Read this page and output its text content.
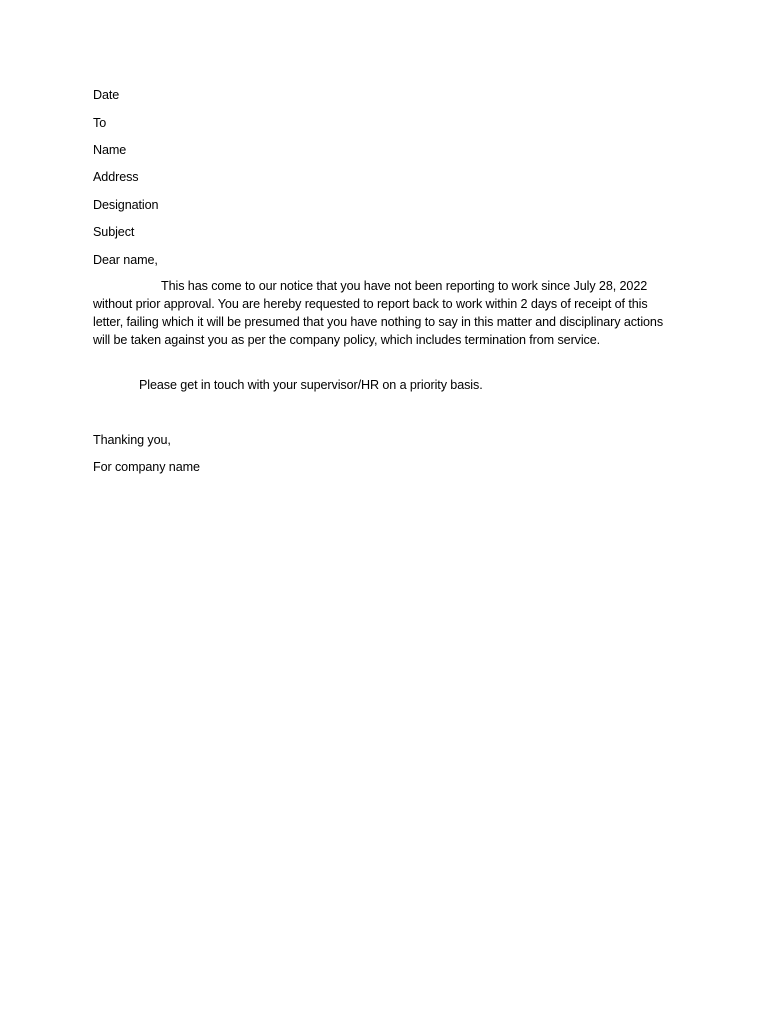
Date
To
Name
Address
Designation
Subject
Dear name,
This has come to our notice that you have not been reporting to work since July 28, 2022 without prior approval. You are hereby requested to report back to work within 2 days of receipt of this letter, failing which it will be presumed that you have nothing to say in this matter and disciplinary actions will be taken against you as per the company policy, which includes termination from service.
Please get in touch with your supervisor/HR on a priority basis.
Thanking you,
For company name
